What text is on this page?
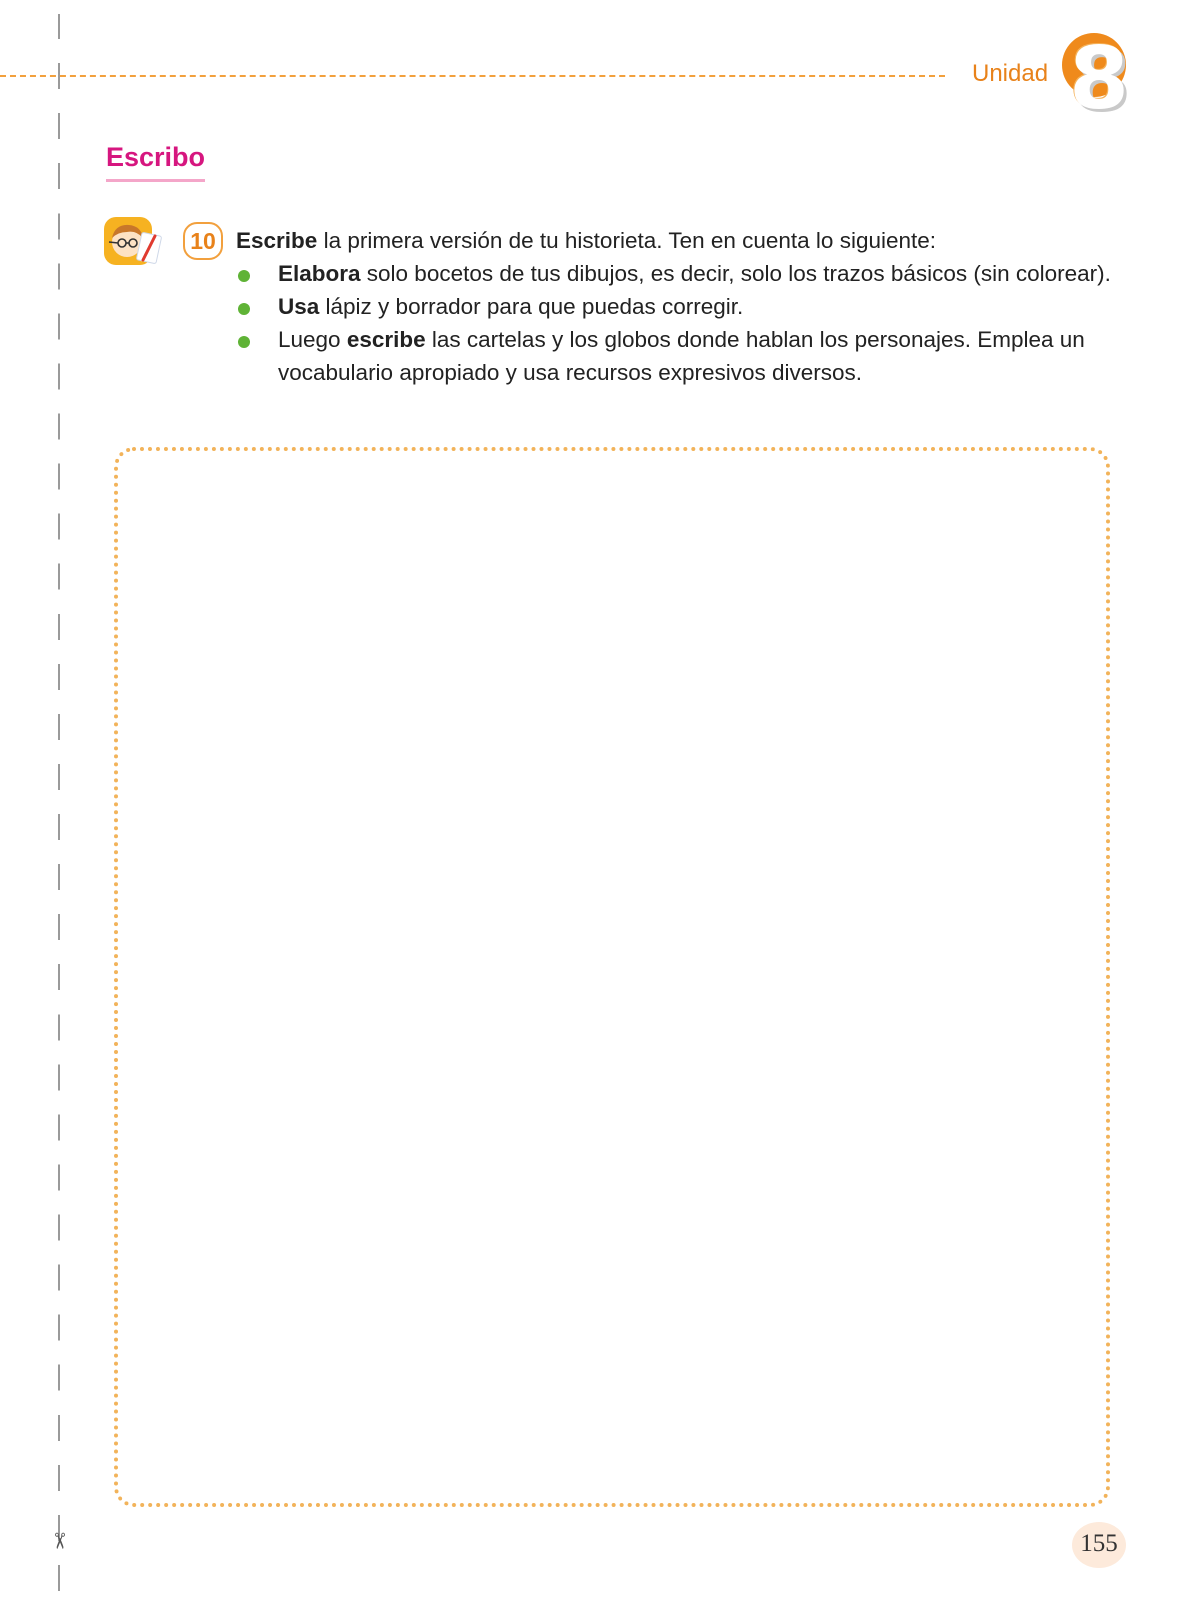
✂
Unidad 8
Escribo
10 Escribe la primera versión de tu historieta. Ten en cuenta lo siguiente:
Elabora solo bocetos de tus dibujos, es decir, solo los trazos básicos (sin colorear).
Usa lápiz y borrador para que puedas corregir.
Luego escribe las cartelas y los globos donde hablan los personajes. Emplea un vocabulario apropiado y usa recursos expresivos diversos.
155
